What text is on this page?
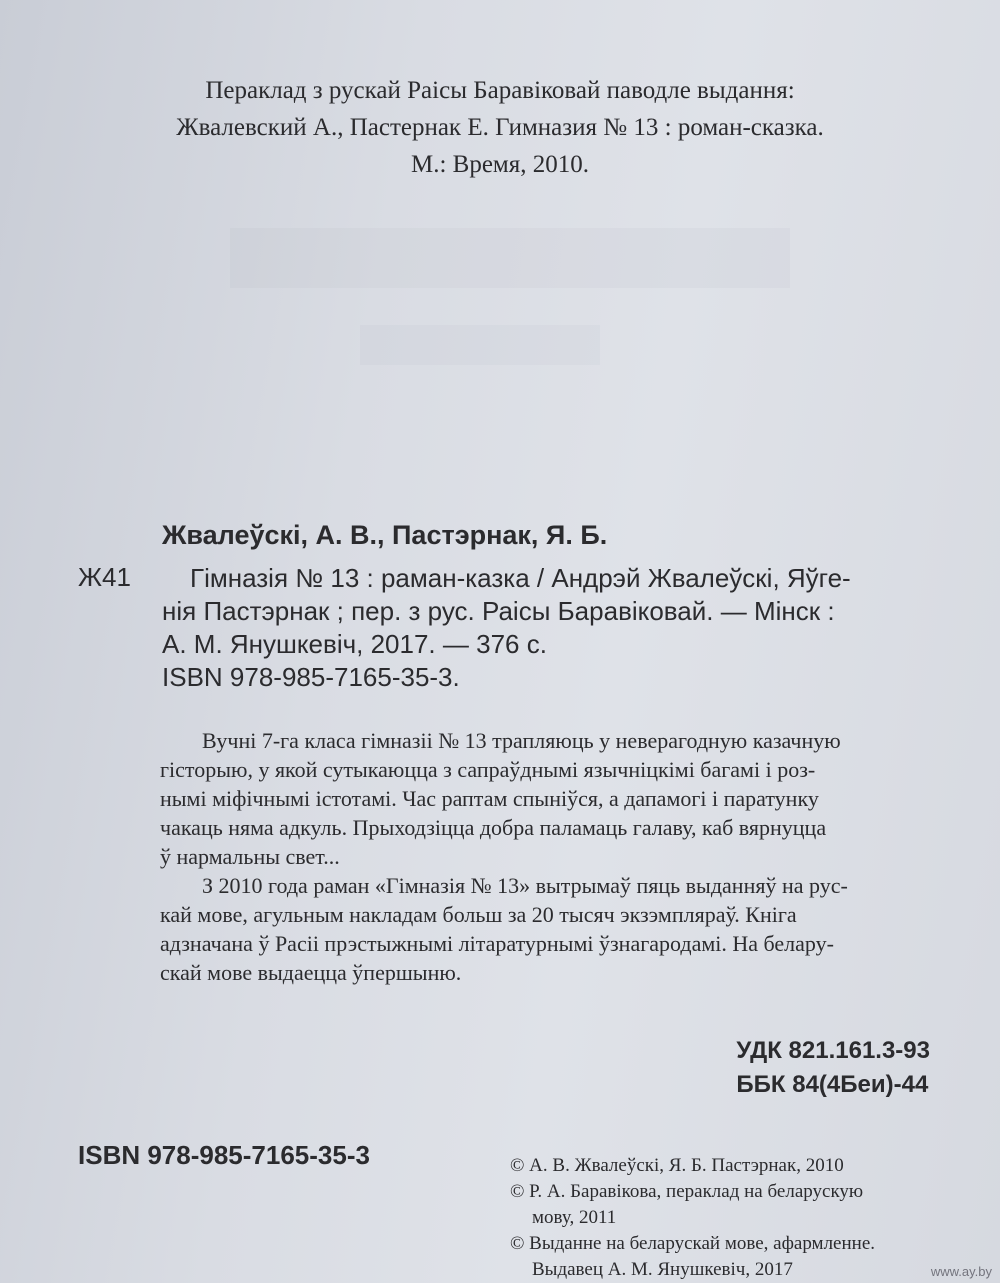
Пераклад з рускай Раісы Баравіковай паводле выдання:
Жвалевский А., Пастернак Е. Гимназия № 13 : роман-сказка.
М.: Время, 2010.
Жвалеўскі, А. В., Пастэрнак, Я. Б.
Ж41 Гімназія № 13 : раман-казка / Андрэй Жвалеўскі, Яўге-
нія Пастэрнак ; пер. з рус. Раісы Баравіковай. — Мінск :
А. М. Янушкевіч, 2017. — 376 с.
ISBN 978-985-7165-35-3.
Вучні 7-га класа гімназіі № 13 трапляюць у неверагодную казачную
гісторыю, у якой сутыкаюцца з сапраўднымі язычніцкімі багамі і роз-
нымі міфічнымі істотамі. Час раптам спыніўся, а дапамогі і паратунку
чакаць няма адкуль. Прыходзіцца добра паламаць галаву, каб вярнуцца
ў нармальны свет...
З 2010 года раман «Гімназія № 13» вытрымаў пяць выданняў на рус-
кай мове, агульным накладам больш за 20 тысяч экзэмпляраў. Кніга
адзначана ў Расіі прэстыжнымі літаратурнымі ўзнагародамі. На белару-
скай мове выдаецца ўпершыню.
УДК 821.161.3-93
ББК 84(4Беи)-44
ISBN 978-985-7165-35-3	© А. В. Жвалеўскі, Я. Б. Пастэрнак, 2010
© Р. А. Баравікова, пераклад на беларускую
мову, 2011
© Выданне на беларускай мове, афармленне.
Выдавец А. М. Янушкевіч, 2017	www.ay.by
